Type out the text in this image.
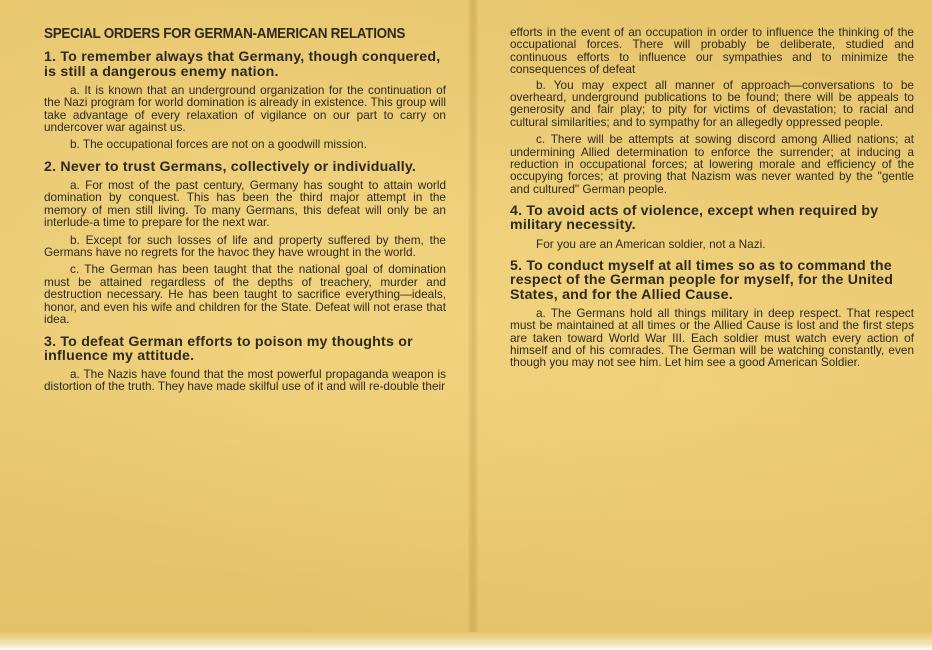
SPECIAL ORDERS FOR GERMAN-AMERICAN RELATIONS
1. To remember always that Germany, though conquered, is still a dangerous enemy nation.
a. It is known that an underground organization for the continuation of the Nazi program for world domination is already in existence. This group will take advantage of every relaxation of vigilance on our part to carry on undercover war against us.
b. The occupational forces are not on a goodwill mission.
2. Never to trust Germans, collectively or individually.
a. For most of the past century, Germany has sought to attain world domination by conquest. This has been the third major attempt in the memory of men still living. To many Germans, this defeat will only be an interlude-a time to prepare for the next war.
b. Except for such losses of life and property suffered by them, the Germans have no regrets for the havoc they have wrought in the world.
c. The German has been taught that the national goal of domination must be attained regardless of the depths of treachery, murder and destruction necessary. He has been taught to sacrifice everything—ideals, honor, and even his wife and children for the State. Defeat will not erase that idea.
3. To defeat German efforts to poison my thoughts or influence my attitude.
a. The Nazis have found that the most powerful propaganda weapon is distortion of the truth. They have made skilful use of it and will re-double their
efforts in the event of an occupation in order to influence the thinking of the occupational forces. There will probably be deliberate, studied and continuous efforts to influence our sympathies and to minimize the consequences of defeat
b. You may expect all manner of approach—conversations to be overheard, underground publications to be found; there will be appeals to generosity and fair play; to pity for victims of devastation; to racial and cultural similarities; and to sympathy for an allegedly oppressed people.
c. There will be attempts at sowing discord among Allied nations; at undermining Allied determination to enforce the surrender; at inducing a reduction in occupational forces; at lowering morale and efficiency of the occupying forces; at proving that Nazism was never wanted by the "gentle and cultured" German people.
4. To avoid acts of violence, except when required by military necessity.
For you are an American soldier, not a Nazi.
5. To conduct myself at all times so as to command the respect of the German people for myself, for the United States, and for the Allied Cause.
a. The Germans hold all things military in deep respect. That respect must be maintained at all times or the Allied Cause is lost and the first steps are taken toward World War III. Each soldier must watch every action of himself and of his comrades. The German will be watching constantly, even though you may not see him. Let him see a good American Soldier.
